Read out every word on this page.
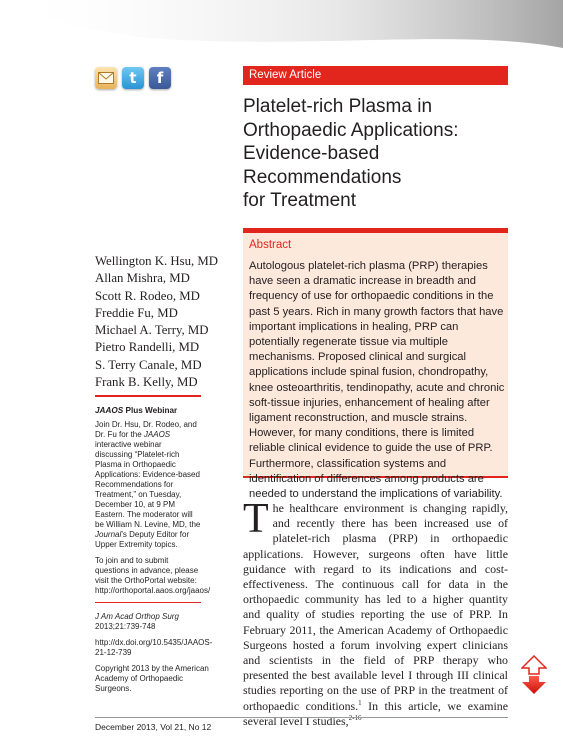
t f	Review Article
Platelet-rich Plasma in
Orthopaedic Applications:
Evidence-based
Recommendations
for Treatment
Abstract
Autologous platelet-rich plasma (PRP) therapies have seen a dramatic increase in breadth and frequency of use for orthopaedic conditions in the past 5 years. Rich in many growth factors that have important implications in healing, PRP can potentially regenerate tissue via multiple mechanisms. Proposed clinical and surgical applications include spinal fusion, chondropathy, knee osteoarthritis, tendinopathy, acute and chronic soft-tissue injuries, enhancement of healing after ligament reconstruction, and muscle strains. However, for many conditions, there is limited reliable clinical evidence to guide the use of PRP. Furthermore, classification systems and identification of differences among products are needed to understand the implications of variability.
Wellington K. Hsu, MD
Allan Mishra, MD
Scott R. Rodeo, MD
Freddie Fu, MD
Michael A. Terry, MD
Pietro Randelli, MD
S. Terry Canale, MD
Frank B. Kelly, MD
JAAOS Plus Webinar
Join Dr. Hsu, Dr. Rodeo, and Dr. Fu for the JAAOS interactive webinar discussing “Platelet-rich Plasma in Orthopaedic Applications: Evidence-based Recommendations for Treatment,” on Tuesday, December 10, at 9 PM Eastern. The moderator will be William N. Levine, MD, the Journal’s Deputy Editor for Upper Extremity topics.
To join and to submit questions in advance, please visit the OrthoPortal website: http://orthoportal.aaos.org/jaaos/
J Am Acad Orthop Surg
2013;21:739-748
http://dx.doi.org/10.5435/JAAOS-21-12-739
Copyright 2013 by the American Academy of Orthopaedic Surgeons.
The healthcare environment is changing rapidly, and recently there has been increased use of platelet-rich plasma (PRP) in orthopaedic applications. However, surgeons often have little guidance with regard to its indications and cost-effectiveness. The continuous call for data in the orthopaedic community has led to a higher quantity and quality of studies reporting the use of PRP. In February 2011, the American Academy of Orthopaedic Surgeons hosted a forum involving expert clinicians and scientists in the field of PRP therapy who presented the best available level I through III clinical studies reporting on the use of PRP in the treatment of orthopaedic conditions.$^1$ In this article, we examine several level I studies,$^{2-16}$
December 2013, Vol 21, No 12
